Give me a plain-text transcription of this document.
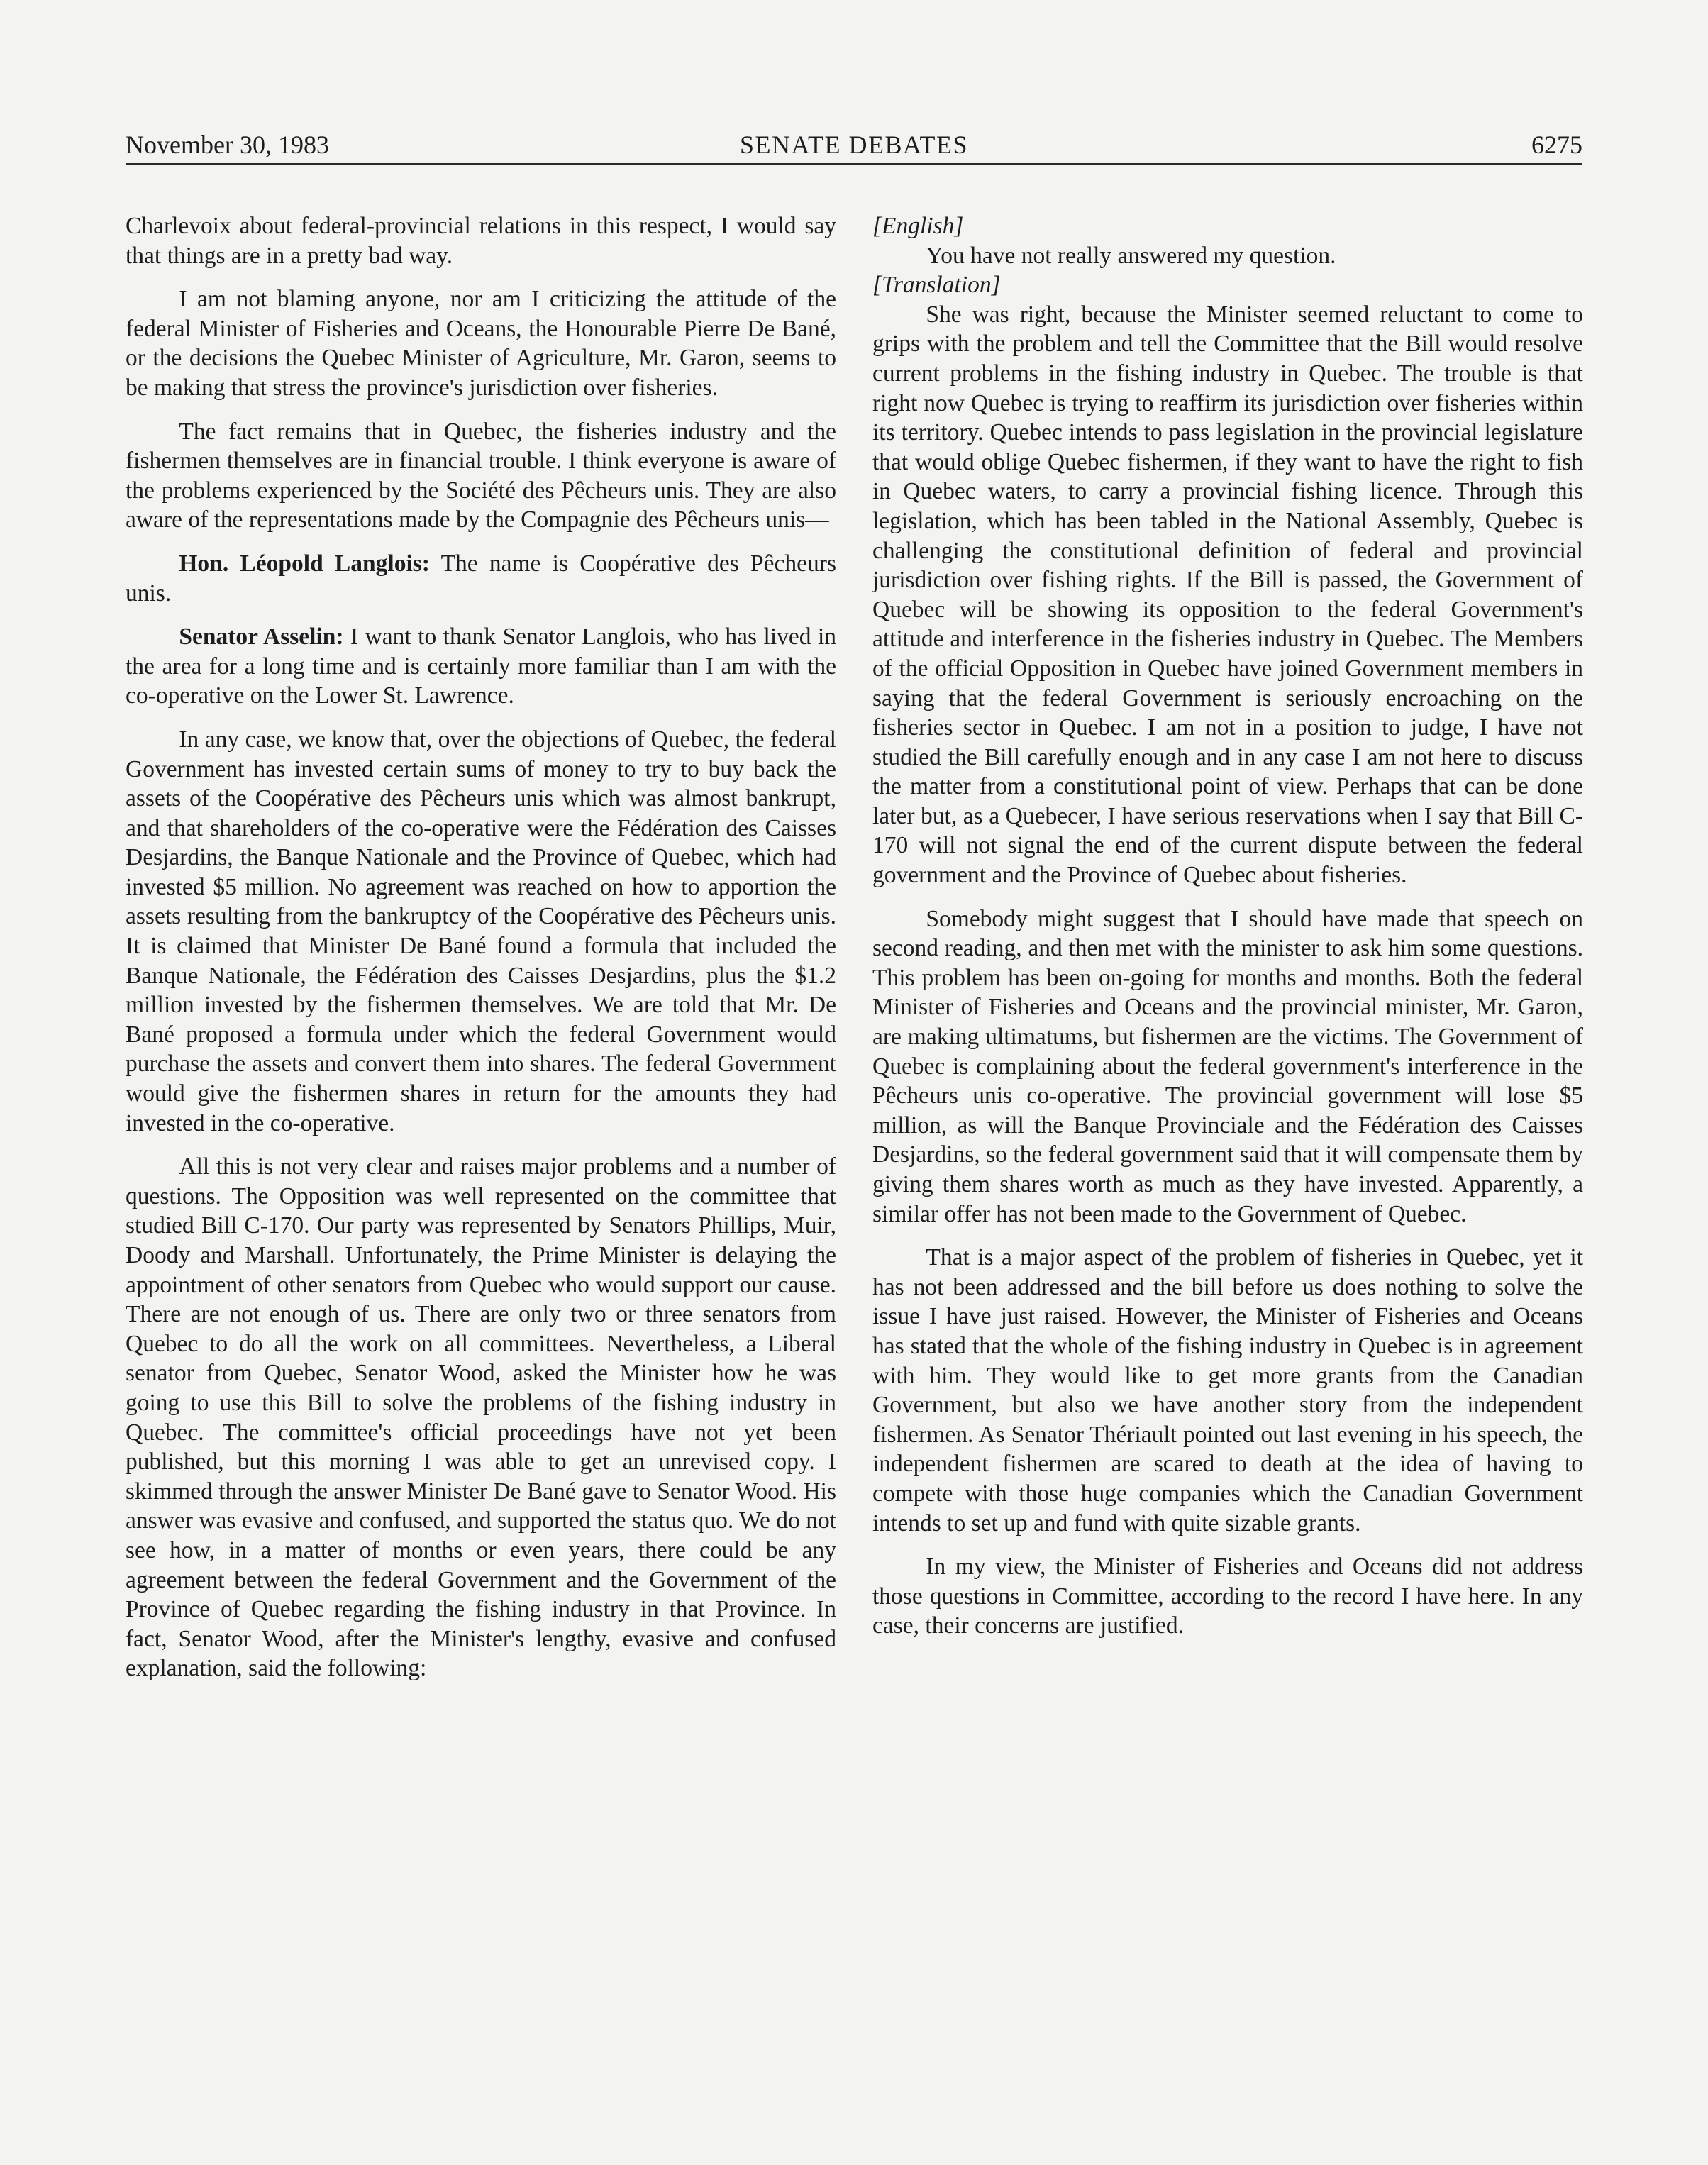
November 30, 1983	SENATE DEBATES	6275

Charlevoix about federal-provincial relations in this respect, I would say that things are in a pretty bad way.

I am not blaming anyone, nor am I criticizing the attitude of the federal Minister of Fisheries and Oceans, the Honourable Pierre De Bané, or the decisions the Quebec Minister of Agriculture, Mr. Garon, seems to be making that stress the province's jurisdiction over fisheries.

The fact remains that in Quebec, the fisheries industry and the fishermen themselves are in financial trouble. I think everyone is aware of the problems experienced by the Société des Pêcheurs unis. They are also aware of the representations made by the Compagnie des Pêcheurs unis—

Hon. Léopold Langlois: The name is Coopérative des Pêcheurs unis.

Senator Asselin: I want to thank Senator Langlois, who has lived in the area for a long time and is certainly more familiar than I am with the co-operative on the Lower St. Lawrence.

In any case, we know that, over the objections of Quebec, the federal Government has invested certain sums of money to try to buy back the assets of the Coopérative des Pêcheurs unis which was almost bankrupt, and that shareholders of the co-operative were the Fédération des Caisses Desjardins, the Banque Nationale and the Province of Quebec, which had invested $5 million. No agreement was reached on how to apportion the assets resulting from the bankruptcy of the Coopérative des Pêcheurs unis. It is claimed that Minister De Bané found a formula that included the Banque Nationale, the Fédération des Caisses Desjardins, plus the $1.2 million invested by the fishermen themselves. We are told that Mr. De Bané proposed a formula under which the federal Government would purchase the assets and convert them into shares. The federal Government would give the fishermen shares in return for the amounts they had invested in the co-operative.

All this is not very clear and raises major problems and a number of questions. The Opposition was well represented on the committee that studied Bill C-170. Our party was represented by Senators Phillips, Muir, Doody and Marshall. Unfortunately, the Prime Minister is delaying the appointment of other senators from Quebec who would support our cause. There are not enough of us. There are only two or three senators from Quebec to do all the work on all committees. Nevertheless, a Liberal senator from Quebec, Senator Wood, asked the Minister how he was going to use this Bill to solve the problems of the fishing industry in Quebec. The committee's official proceedings have not yet been published, but this morning I was able to get an unrevised copy. I skimmed through the answer Minister De Bané gave to Senator Wood. His answer was evasive and confused, and supported the status quo. We do not see how, in a matter of months or even years, there could be any agreement between the federal Government and the Government of the Province of Quebec regarding the fishing industry in that Province. In fact, Senator Wood, after the Minister's lengthy, evasive and confused explanation, said the following:

[English]

You have not really answered my question.

[Translation]

She was right, because the Minister seemed reluctant to come to grips with the problem and tell the Committee that the Bill would resolve current problems in the fishing industry in Quebec. The trouble is that right now Quebec is trying to reaffirm its jurisdiction over fisheries within its territory. Quebec intends to pass legislation in the provincial legislature that would oblige Quebec fishermen, if they want to have the right to fish in Quebec waters, to carry a provincial fishing licence. Through this legislation, which has been tabled in the National Assembly, Quebec is challenging the constitutional definition of federal and provincial jurisdiction over fishing rights. If the Bill is passed, the Government of Quebec will be showing its opposition to the federal Government's attitude and interference in the fisheries industry in Quebec. The Members of the official Opposition in Quebec have joined Government members in saying that the federal Government is seriously encroaching on the fisheries sector in Quebec. I am not in a position to judge, I have not studied the Bill carefully enough and in any case I am not here to discuss the matter from a constitutional point of view. Perhaps that can be done later but, as a Quebecer, I have serious reservations when I say that Bill C-170 will not signal the end of the current dispute between the federal government and the Province of Quebec about fisheries.

Somebody might suggest that I should have made that speech on second reading, and then met with the minister to ask him some questions. This problem has been on-going for months and months. Both the federal Minister of Fisheries and Oceans and the provincial minister, Mr. Garon, are making ultimatums, but fishermen are the victims. The Government of Quebec is complaining about the federal government's interference in the Pêcheurs unis co-operative. The provincial government will lose $5 million, as will the Banque Provinciale and the Fédération des Caisses Desjardins, so the federal government said that it will compensate them by giving them shares worth as much as they have invested. Apparently, a similar offer has not been made to the Government of Quebec.

That is a major aspect of the problem of fisheries in Quebec, yet it has not been addressed and the bill before us does nothing to solve the issue I have just raised. However, the Minister of Fisheries and Oceans has stated that the whole of the fishing industry in Quebec is in agreement with him. They would like to get more grants from the Canadian Government, but also we have another story from the independent fishermen. As Senator Thériault pointed out last evening in his speech, the independent fishermen are scared to death at the idea of having to compete with those huge companies which the Canadian Government intends to set up and fund with quite sizable grants.

In my view, the Minister of Fisheries and Oceans did not address those questions in Committee, according to the record I have here. In any case, their concerns are justified.
